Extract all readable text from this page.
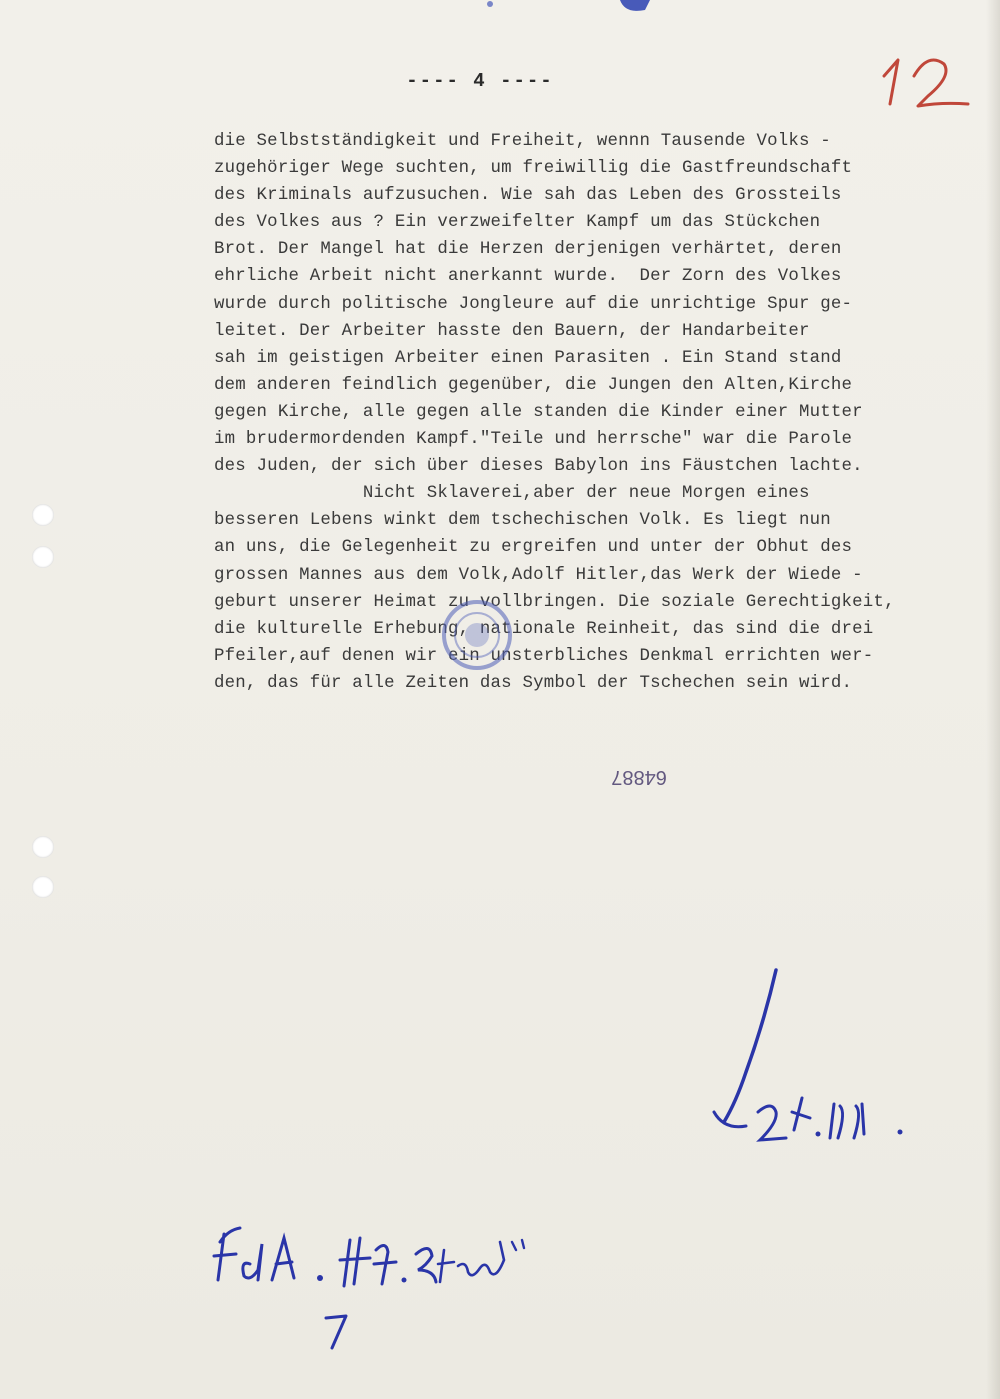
---- 4 ----
die Selbstständigkeit und Freiheit, wennn Tausende Volks -
zugehöriger Wege suchten, um freiwillig die Gastfreundschaft
des Kriminals aufzusuchen. Wie sah das Leben des Grossteils
des Volkes aus ? Ein verzweifelter Kampf um das Stückchen
Brot. Der Mangel hat die Herzen derjenigen verhärtet, deren
ehrliche Arbeit nicht anerkannt wurde.  Der Zorn des Volkes
wurde durch politische Jongleure auf die unrichtige Spur ge-
leitet. Der Arbeiter hasste den Bauern, der Handarbeiter
sah im geistigen Arbeiter einen Parasiten . Ein Stand stand
dem anderen feindlich gegenüber, die Jungen den Alten,Kirche
gegen Kirche, alle gegen alle standen die Kinder einer Mutter
im brudermordenden Kampf."Teile und herrsche" war die Parole
des Juden, der sich über dieses Babylon ins Fäustchen lachte.
Nicht Sklaverei,aber der neue Morgen eines
besseren Lebens winkt dem tschechischen Volk. Es liegt nun
an uns, die Gelegenheit zu ergreifen und unter der Obhut des
grossen Mannes aus dem Volk,Adolf Hitler,das Werk der Wiede -
geburt unserer Heimat zu vollbringen. Die soziale Gerechtigkeit,
die kulturelle Erhebung, nationale Reinheit, das sind die drei
Pfeiler,auf denen wir ein unsterbliches Denkmal errichten wer-
den, das für alle Zeiten das Symbol der Tschechen sein wird.
64887
